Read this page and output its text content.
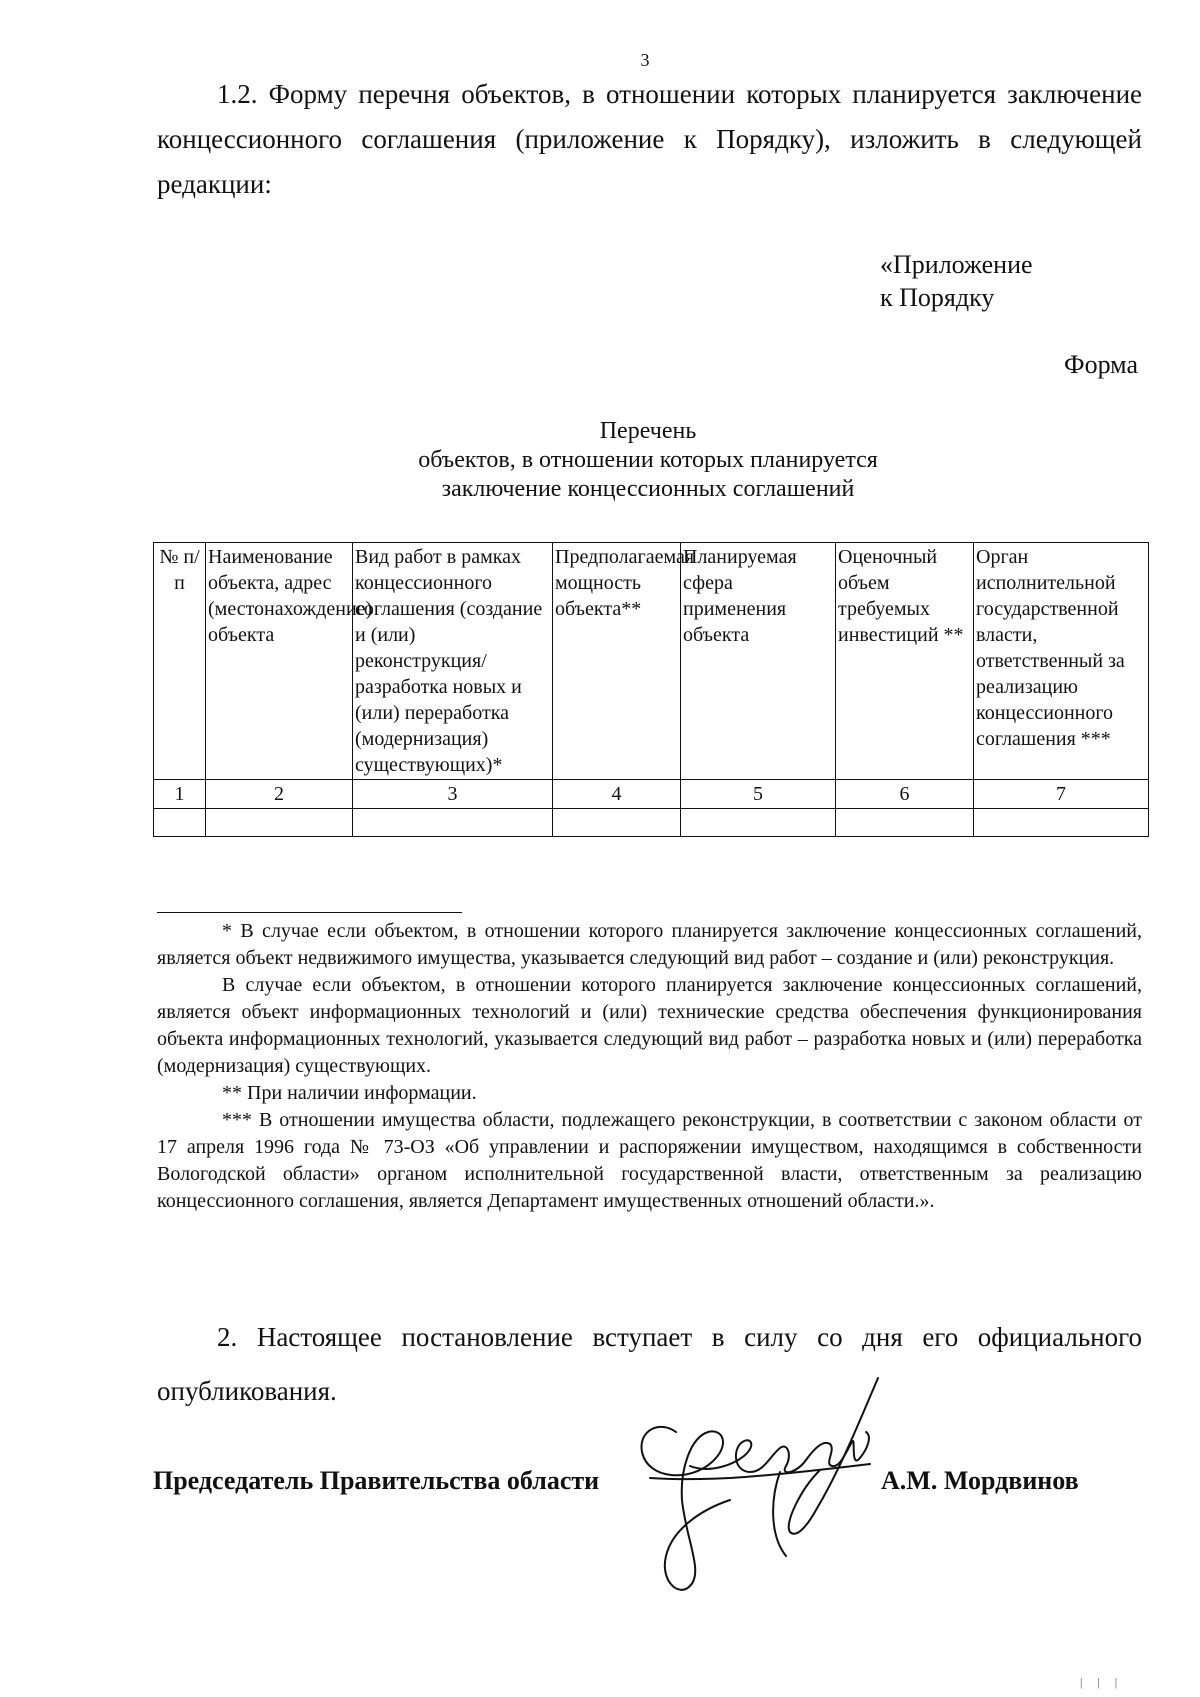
3

1.2. Форму перечня объектов, в отношении которых планируется заключение концессионного соглашения (приложение к Порядку), изложить в следующей редакции:

«Приложение
к Порядку
Форма
Перечень
объектов, в отношении которых планируется
заключение концессионных соглашений
№ п/п	Наименование объекта, адрес (местонахождение) объекта	Вид работ в рамках концессионного соглашения (создание и (или) реконструкция/разработка новых и (или) переработка (модернизация) существующих)*	Предполагаемая мощность объекта**	Планируемая сфера применения объекта	Оценочный объем требуемых инвестиций **	Орган исполнительной государственной власти, ответственный за реализацию концессионного соглашения ***
1	2	3	4	5	6	7

* В случае если объектом, в отношении которого планируется заключение концессионных соглашений, является объект недвижимого имущества, указывается следующий вид работ – создание и (или) реконструкция.

В случае если объектом, в отношении которого планируется заключение концессионных соглашений, является объект информационных технологий и (или) технические средства обеспечения функционирования объекта информационных технологий, указывается следующий вид работ – разработка новых и (или) переработка (модернизация) существующих.

** При наличии информации.

*** В отношении имущества области, подлежащего реконструкции, в соответствии с законом области от 17 апреля 1996 года № 73-ОЗ «Об управлении и распоряжении имуществом, находящимся в собственности Вологодской области» органом исполнительной государственной власти, ответственным за реализацию концессионного соглашения, является Департамент имущественных отношений области.».

2. Настоящее постановление вступает в силу со дня его официального опубликования.

Председатель Правительства области	А.М. Мордвинов
| | |
